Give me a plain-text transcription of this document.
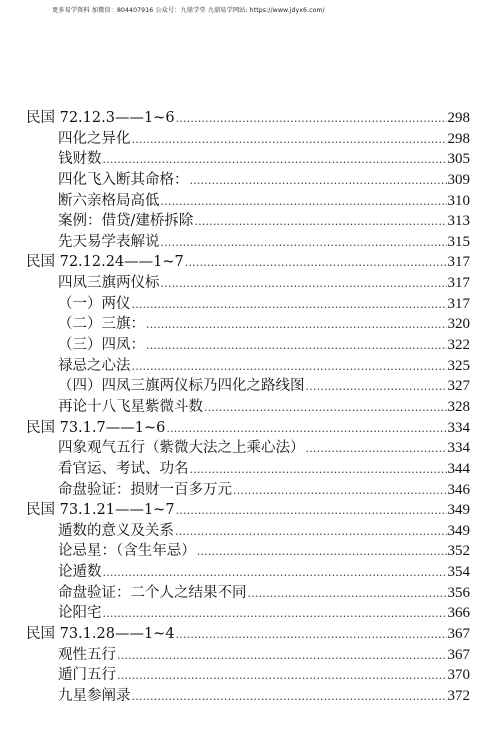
更多易学资料 加微信：804407916 公众号：九鼎学堂 九鼎易学网站: https://www.jdyx6.com/
民国 72.12.3——1~6 .....	298
四化之异化 .....	298
钱财数 .....	305
四化飞入断其命格： .....	309
断六亲格局高低 .....	310
案例：借贷/建桥拆除 .....	313
先天易学表解说 .....	315
民国 72.12.24——1~7 .....	317
四凤三旗两仪标 .....	317
（一）两仪 .....	317
（二）三旗： .....	320
（三）四凤： .....	322
禄忌之心法 .....	325
（四）四凤三旗两仪标乃四化之路线图 .....	327
再论十八飞星紫微斗数 .....	328
民国 73.1.7——1~6 .....	334
四象观气五行（紫微大法之上乘心法） .....	334
看官运、考试、功名 .....	344
命盘验证：损财一百多万元 .....	346
民国 73.1.21——1~7 .....	349
遁数的意义及关系 .....	349
论忌星：（含生年忌） .....	352
论遁数 .....	354
命盘验证：二个人之结果不同 .....	356
论阳宅 .....	366
民国 73.1.28——1~4 .....	367
观性五行 .....	367
遁门五行 .....	370
九星参阐录 .....	372
